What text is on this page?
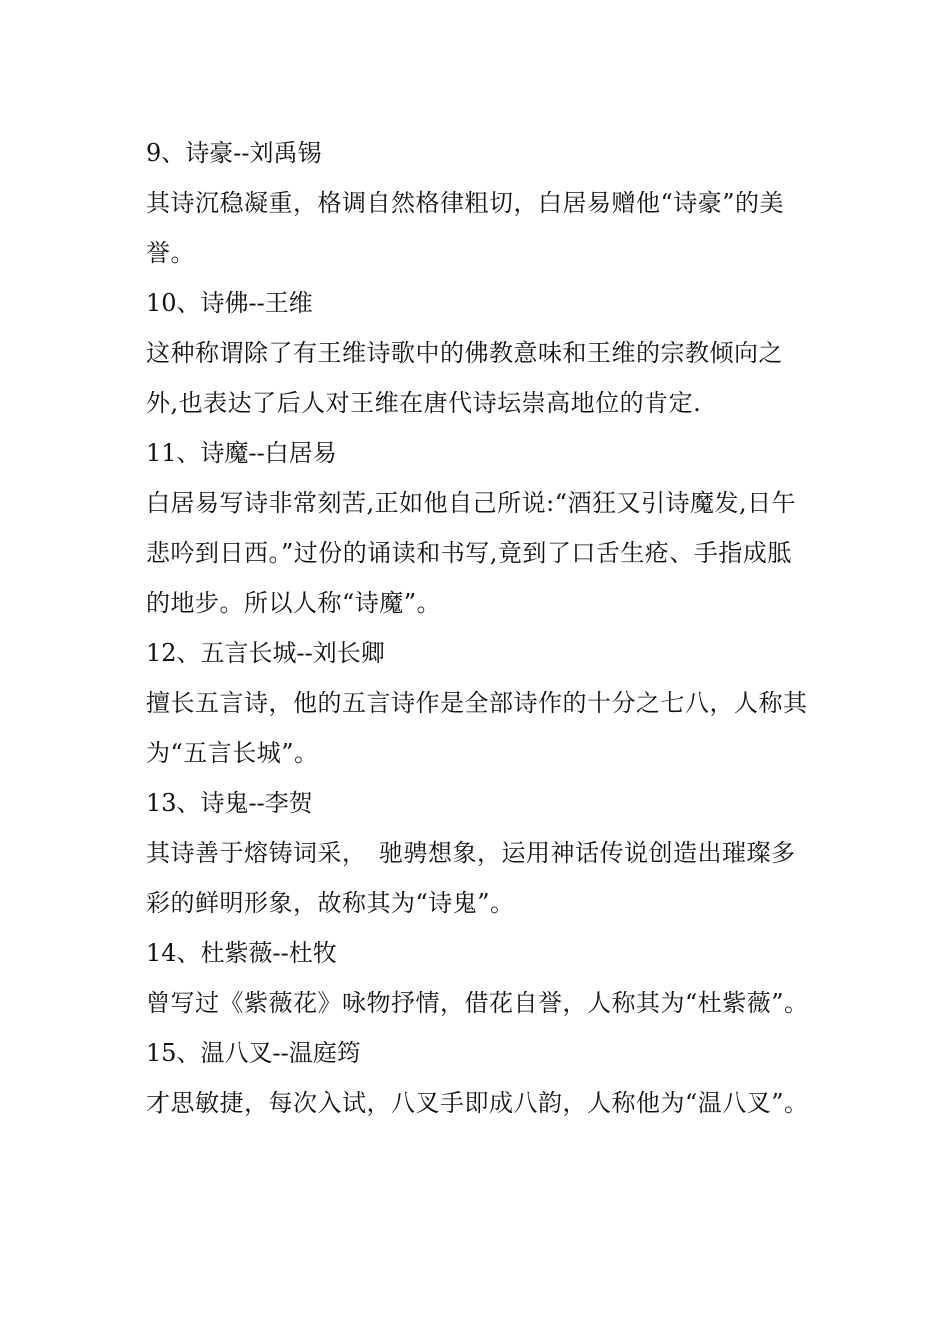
9、诗豪--刘禹锡

其诗沉稳凝重，格调自然格律粗切，白居易赠他“诗豪”的美誉。

10、诗佛--王维

这种称谓除了有王维诗歌中的佛教意味和王维的宗教倾向之外,也表达了后人对王维在唐代诗坛崇高地位的肯定.

11、诗魔--白居易

白居易写诗非常刻苦,正如他自己所说:“酒狂又引诗魔发,日午悲吟到日西。”过份的诵读和书写,竟到了口舌生疮、手指成胝的地步。所以人称“诗魔”。

12、五言长城--刘长卿

擅长五言诗，他的五言诗作是全部诗作的十分之七八，人称其为“五言长城”。

13、诗鬼--李贺

其诗善于熔铸词采，　驰骋想象，运用神话传说创造出璀璨多彩的鲜明形象，故称其为“诗鬼”。

14、杜紫薇--杜牧

曾写过《紫薇花》咏物抒情，借花自誉，人称其为“杜紫薇”。

15、温八叉--温庭筠

才思敏捷，每次入试，八叉手即成八韵，人称他为“温八叉”。
